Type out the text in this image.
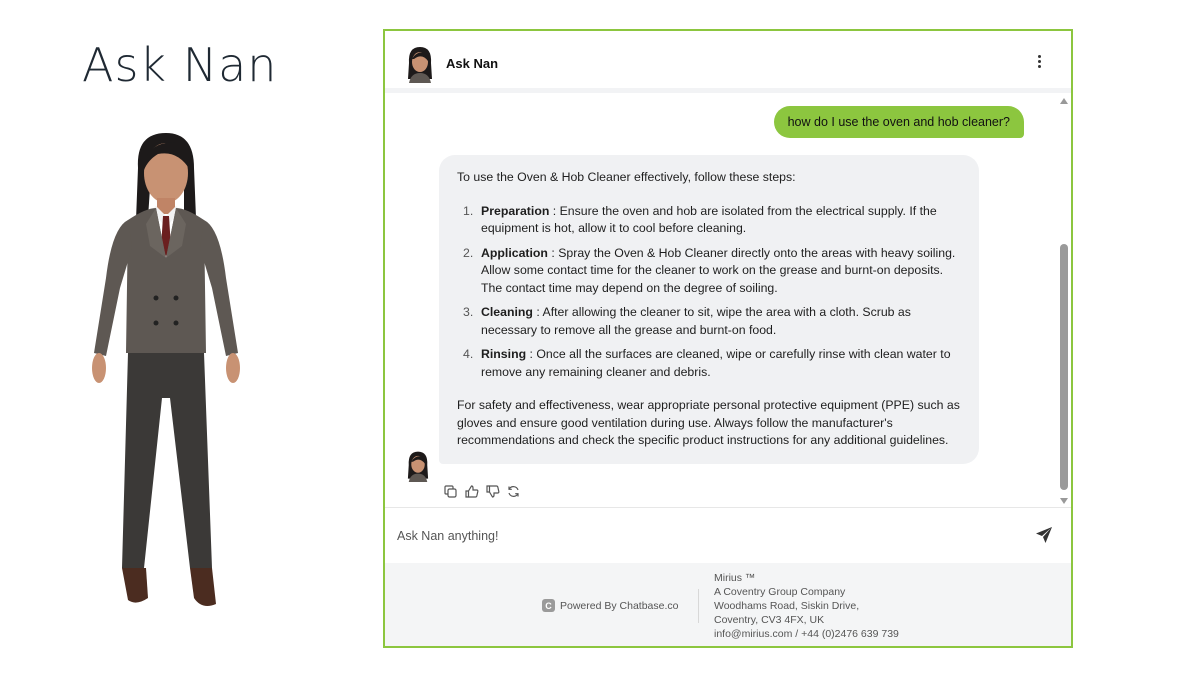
Ask Nan	Ask Nan
how do I use the oven and hob cleaner?
To use the Oven & Hob Cleaner effectively, follow these steps:
1. Preparation : Ensure the oven and hob are isolated from the electrical supply. If the equipment is hot, allow it to cool before cleaning.
2. Application : Spray the Oven & Hob Cleaner directly onto the areas with heavy soiling. Allow some contact time for the cleaner to work on the grease and burnt-on deposits. The contact time may depend on the degree of soiling.
3. Cleaning : After allowing the cleaner to sit, wipe the area with a cloth. Scrub as necessary to remove all the grease and burnt-on food.
4. Rinsing : Once all the surfaces are cleaned, wipe or carefully rinse with clean water to remove any remaining cleaner and debris.
For safety and effectiveness, wear appropriate personal protective equipment (PPE) such as gloves and ensure good ventilation during use. Always follow the manufacturer's recommendations and check the specific product instructions for any additional guidelines.
Ask Nan anything!
C Powered By Chatbase.co
Mirius ™
A Coventry Group Company
Woodhams Road, Siskin Drive,
Coventry, CV3 4FX, UK
info@mirius.com / +44 (0)2476 639 739
